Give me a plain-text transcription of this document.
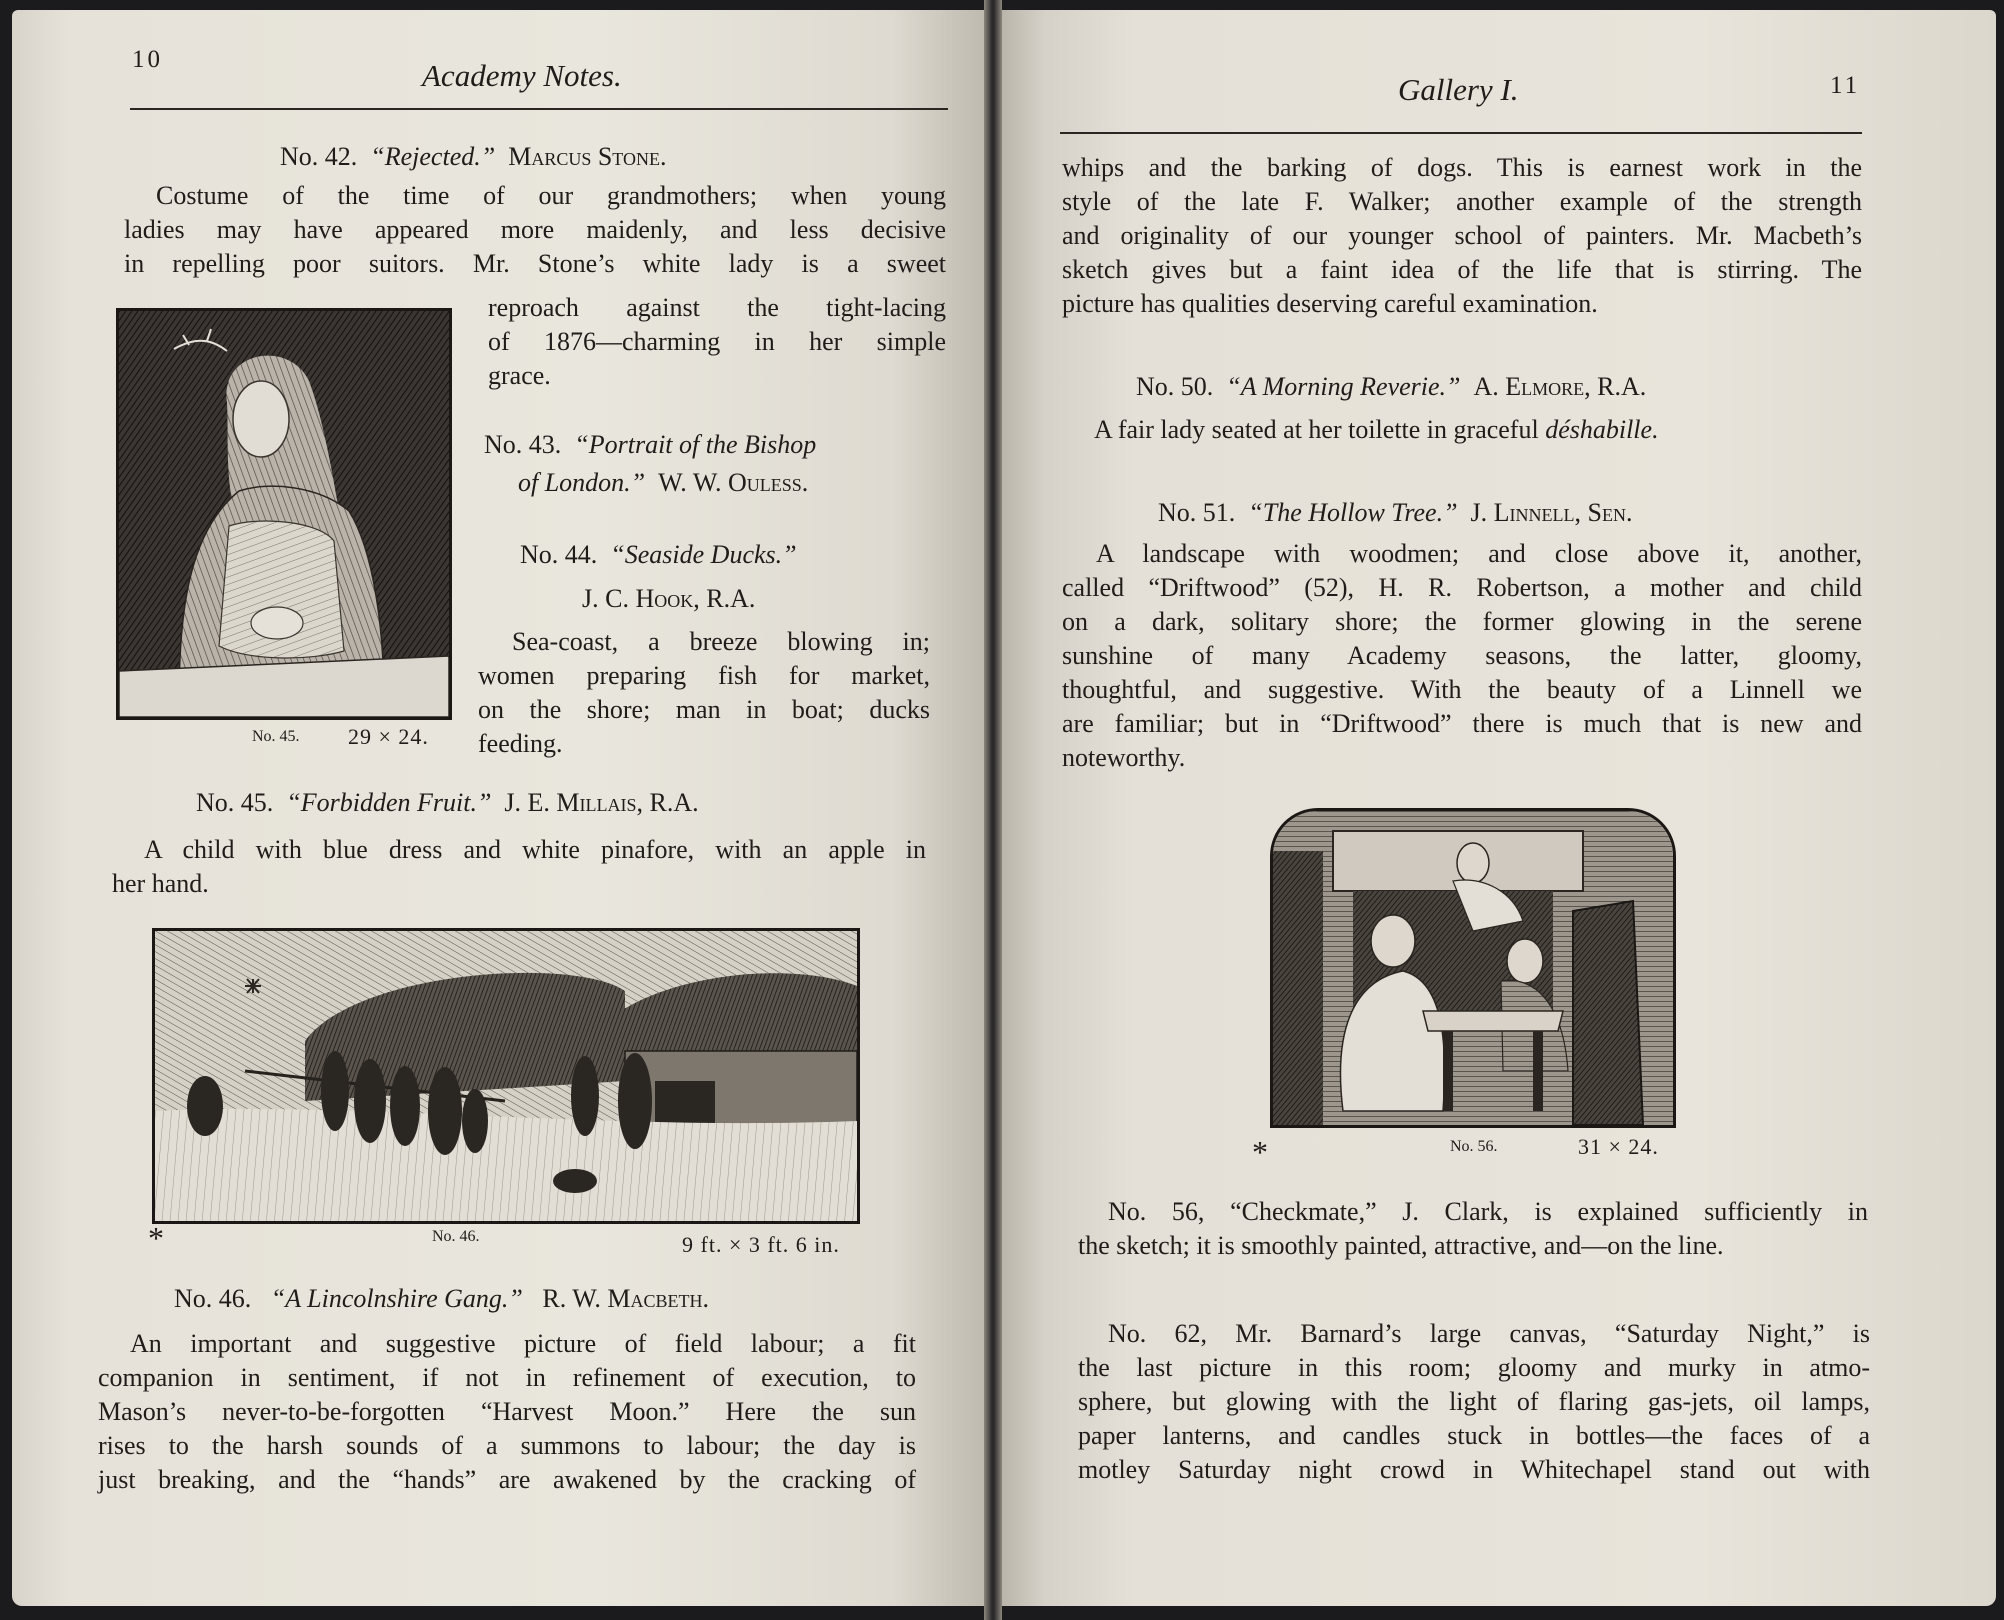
10	Academy Notes.
No. 42. “Rejected.” Marcus Stone.
Costume of the time of our grandmothers; when young
ladies may have appeared more maidenly, and less decisive
in repelling poor suitors. Mr. Stone’s white lady is a sweet
reproach against the tight-lacing
of 1876—charming in her simple
grace.
No. 45. 29 × 24.
No. 43. “Portrait of the Bishop
of London.” W. W. Ouless.
No. 44. “Seaside Ducks.”
J. C. Hook, R.A.
Sea-coast, a breeze blowing in;
women preparing fish for market,
on the shore; man in boat; ducks
feeding.
No. 45. “Forbidden Fruit.” J. E. Millais, R.A.
A child with blue dress and white pinafore, with an apple in
her hand.
*	No. 46.	9 ft. × 3 ft. 6 in.
No. 46. “A Lincolnshire Gang.” R. W. Macbeth.
An important and suggestive picture of field labour; a fit
companion in sentiment, if not in refinement of execution, to
Mason’s never-to-be-forgotten “Harvest Moon.” Here the sun
rises to the harsh sounds of a summons to labour; the day is
just breaking, and the “hands” are awakened by the cracking of
Gallery I.	11
whips and the barking of dogs. This is earnest work in the
style of the late F. Walker; another example of the strength
and originality of our younger school of painters. Mr. Macbeth’s
sketch gives but a faint idea of the life that is stirring. The
picture has qualities deserving careful examination.
No. 50. “A Morning Reverie.” A. Elmore, R.A.
A fair lady seated at her toilette in graceful déshabille.
No. 51. “The Hollow Tree.” J. Linnell, Sen.
A landscape with woodmen; and close above it, another,
called “Driftwood” (52), H. R. Robertson, a mother and child
on a dark, solitary shore; the former glowing in the serene
sunshine of many Academy seasons, the latter, gloomy,
thoughtful, and suggestive. With the beauty of a Linnell we
are familiar; but in “Driftwood” there is much that is new and
noteworthy.
*	No. 56.	31 × 24.
No. 56, “Checkmate,” J. Clark, is explained sufficiently in
the sketch; it is smoothly painted, attractive, and—on the line.
No. 62, Mr. Barnard’s large canvas, “Saturday Night,” is
the last picture in this room; gloomy and murky in atmo-
sphere, but glowing with the light of flaring gas-jets, oil lamps,
paper lanterns, and candles stuck in bottles—the faces of a
motley Saturday night crowd in Whitechapel stand out with
